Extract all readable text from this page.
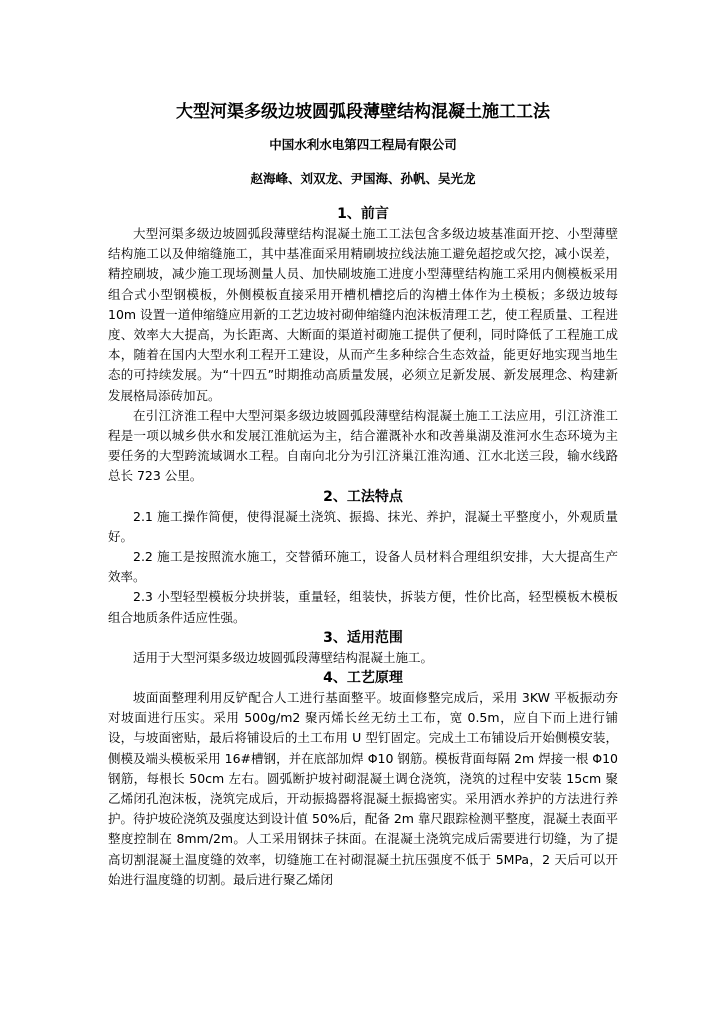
大型河渠多级边坡圆弧段薄壁结构混凝土施工工法
中国水利水电第四工程局有限公司
赵海峰、刘双龙、尹国海、孙帆、吴光龙
1、前言

大型河渠多级边坡圆弧段薄壁结构混凝土施工工法包含多级边坡基准面开挖、小型薄壁结构施工以及伸缩缝施工，其中基准面采用精刷坡拉线法施工避免超挖或欠挖，减小误差，精控刷坡，减少施工现场测量人员、加快刷坡施工进度小型薄壁结构施工采用内侧模板采用组合式小型钢模板，外侧模板直接采用开槽机槽挖后的沟槽土体作为土模板；多级边坡每 10m 设置一道伸缩缝应用新的工艺边坡衬砌伸缩缝内泡沫板清理工艺，使工程质量、工程进度、效率大大提高，为长距离、大断面的渠道衬砌施工提供了便利，同时降低了工程施工成本，随着在国内大型水利工程开工建设，从而产生多种综合生态效益，能更好地实现当地生态的可持续发展。为“十四五”时期推动高质量发展，必须立足新发展、新发展理念、构建新发展格局添砖加瓦。

在引江济淮工程中大型河渠多级边坡圆弧段薄壁结构混凝土施工工法应用，引江济淮工程是一项以城乡供水和发展江淮航运为主，结合灌溉补水和改善巢湖及淮河水生态环境为主要任务的大型跨流域调水工程。自南向北分为引江济巢江淮沟通、江水北送三段，输水线路总长 723 公里。

2、工法特点

2.1 施工操作简便，使得混凝土浇筑、振捣、抹光、养护，混凝土平整度小，外观质量好。

2.2 施工是按照流水施工，交替循环施工，设备人员材料合理组织安排，大大提高生产效率。

2.3 小型轻型模板分块拼装，重量轻，组装快，拆装方便，性价比高，轻型模板木模板组合地质条件适应性强。

3、适用范围

适用于大型河渠多级边坡圆弧段薄壁结构混凝土施工。

4、工艺原理

坡面面整理利用反铲配合人工进行基面整平。坡面修整完成后，采用 3KW 平板振动夯对坡面进行压实。采用 500g/m2 聚丙烯长丝无纺土工布，宽 0.5m，应自下而上进行铺设，与坡面密贴，最后将铺设后的土工布用 U 型钉固定。完成土工布铺设后开始侧模安装，侧模及端头模板采用 16#槽钢，并在底部加焊 Φ10 钢筋。模板背面每隔 2m 焊接一根 Φ10 钢筋，每根长 50cm 左右。圆弧断护坡衬砌混凝土调仓浇筑，浇筑的过程中安装 15cm 聚乙烯闭孔泡沫板，浇筑完成后，开动振捣器将混凝土振捣密实。采用洒水养护的方法进行养护。待护坡砼浇筑及强度达到设计值 50%后，配备 2m 靠尺跟踪检测平整度，混凝土表面平整度控制在 8mm/2m。人工采用钢抹子抹面。在混凝土浇筑完成后需要进行切缝，为了提高切割混凝土温度缝的效率，切缝施工在衬砌混凝土抗压强度不低于 5MPa，2 天后可以开始进行温度缝的切割。最后进行聚乙烯闭
